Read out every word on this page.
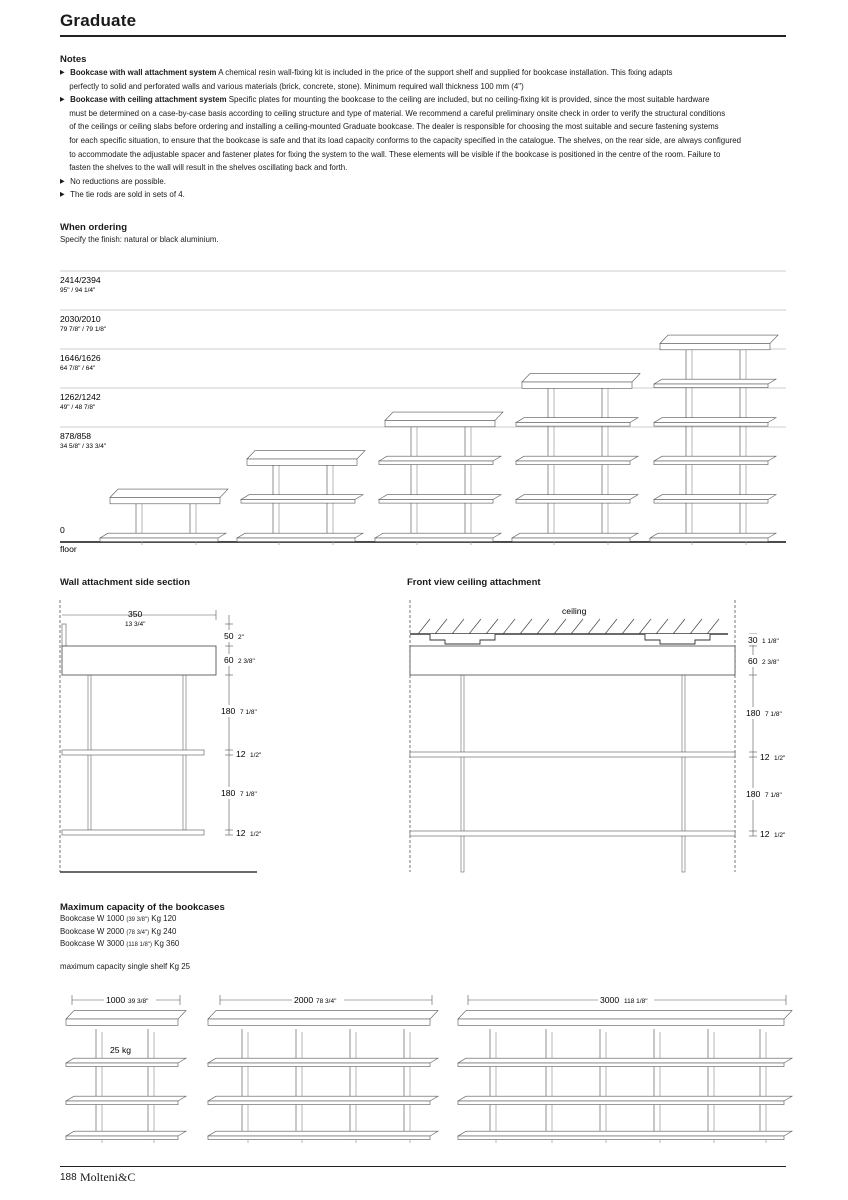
Graduate
Notes
▶ Bookcase with wall attachment system A chemical resin wall-fixing kit is included in the price of the support shelf and supplied for bookcase installation. This fixing adapts
perfectly to solid and perforated walls and various materials (brick, concrete, stone). Minimum required wall thickness 100 mm (4")
▶ Bookcase with ceiling attachment system Specific plates for mounting the bookcase to the ceiling are included, but no ceiling-fixing kit is provided, since the most suitable hardware
must be determined on a case-by-case basis according to ceiling structure and type of material. We recommend a careful preliminary onsite check in order to verify the structural conditions
of the ceilings or ceiling slabs before ordering and installing a ceiling-mounted Graduate bookcase. The dealer is responsible for choosing the most suitable and secure fastening systems
for each specific situation, to ensure that the bookcase is safe and that its load capacity conforms to the capacity specified in the catalogue. The shelves, on the rear side, are always configured
to accommodate the adjustable spacer and fastener plates for fixing the system to the wall. These elements will be visible if the bookcase is positioned in the centre of the room. Failure to
fasten the shelves to the wall will result in the shelves oscillating back and forth.
▶ No reductions are possible.
▶ The tie rods are sold in sets of 4.
When ordering
Specify the finish: natural or black aluminium.
2414/2394
95" / 94 1/4"
2030/2010
79 7/8" / 79 1/8"
1646/1626
64 7/8" / 64"
1262/1242
49" / 48 7/8"
878/858
34 5/8" / 33 3/4"
0
floor
Wall attachment side section	Front view ceiling attachment
350
13 3/4"
50 2"
60 2 3/8"
180 7 1/8"
12 1/2"
180 7 1/8"
12 1/2"
ceiling
30 1 1/8"
60 2 3/8"
180 7 1/8"
12 1/2"
180 7 1/8"
12 1/2"
Maximum capacity of the bookcases
Bookcase W 1000 (39 3/8") Kg 120
Bookcase W 2000 (78 3/4") Kg 240
Bookcase W 3000 (118 1/8") Kg 360
maximum capacity single shelf Kg 25
1000 39 3/8"	2000 78 3/4"	3000 118 1/8"
25 kg
188 Molteni&C
